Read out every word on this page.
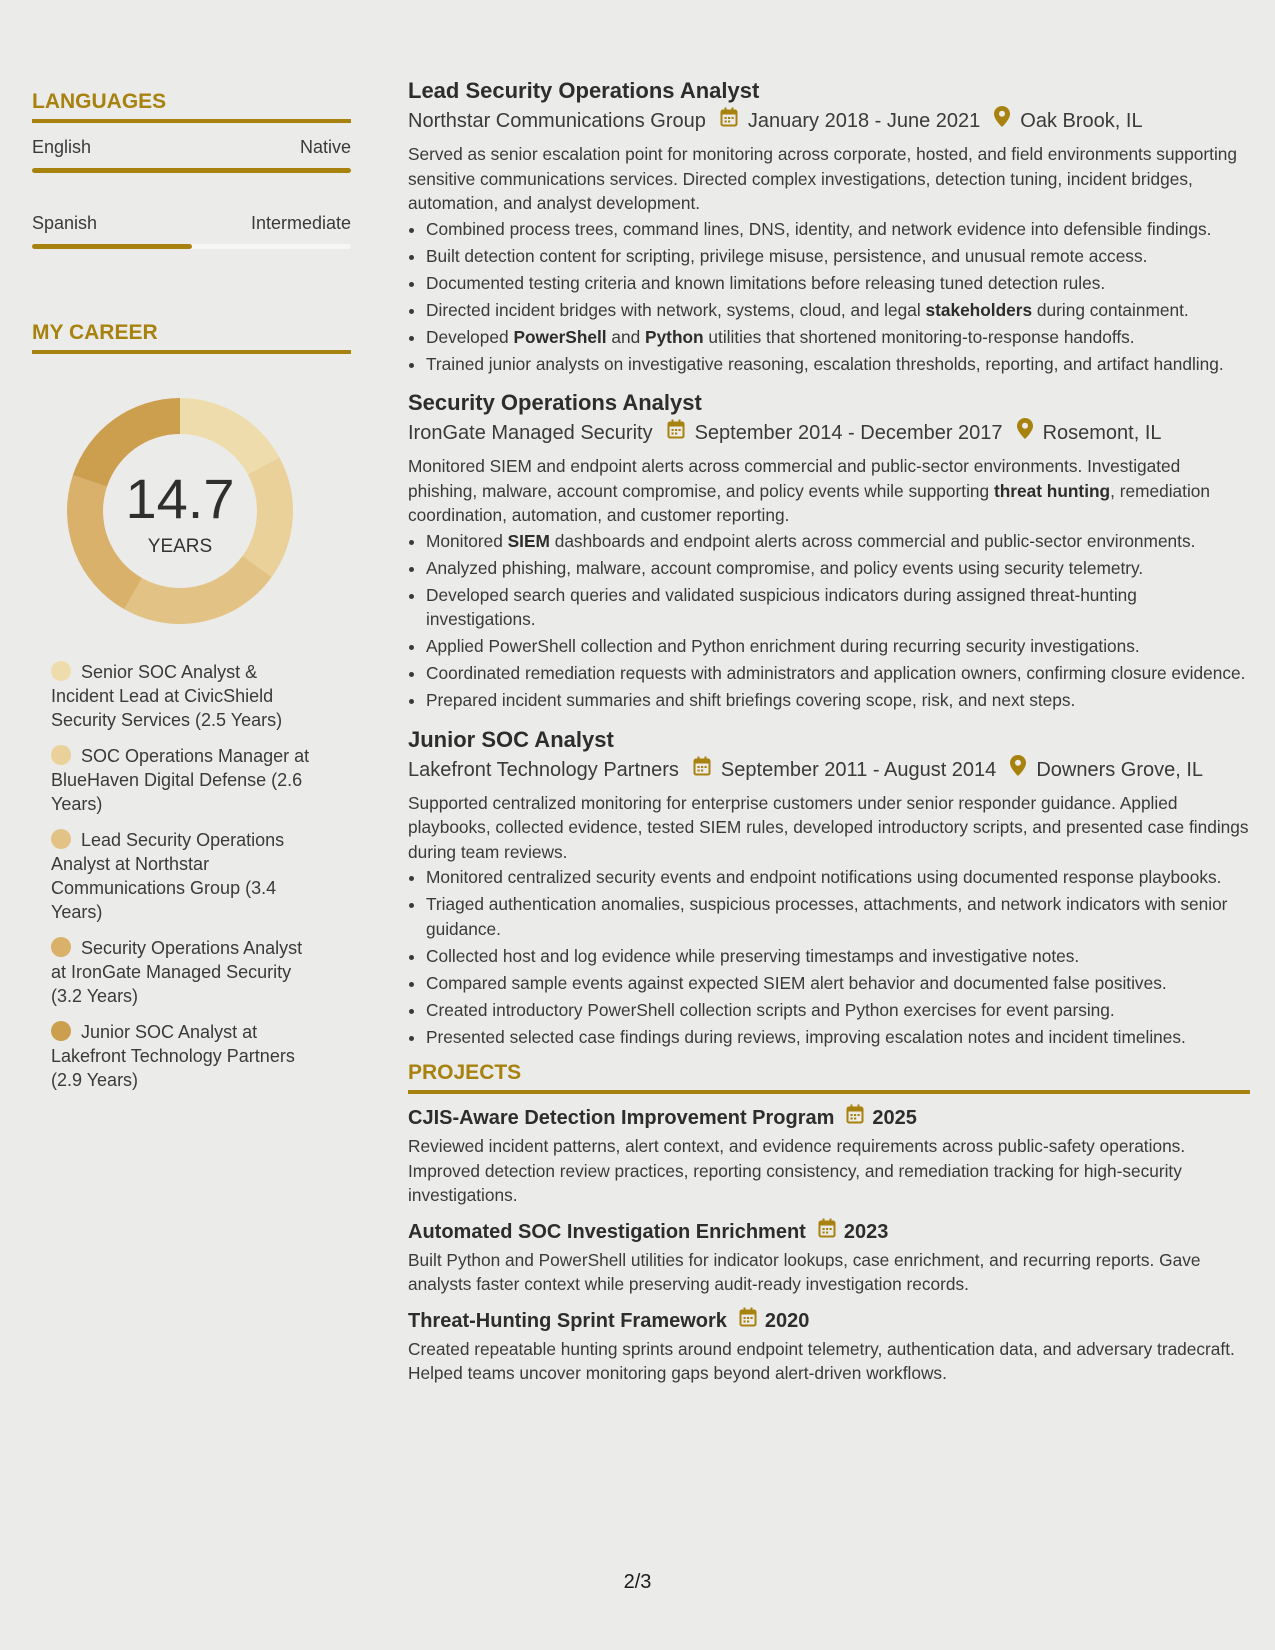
LANGUAGES
English	Native
Spanish	Intermediate
MY CAREER
14.7
YEARS
Senior SOC Analyst & Incident Lead at CivicShield Security Services (2.5 Years)
SOC Operations Manager at BlueHaven Digital Defense (2.6 Years)
Lead Security Operations Analyst at Northstar Communications Group (3.4 Years)
Security Operations Analyst at IronGate Managed Security (3.2 Years)
Junior SOC Analyst at Lakefront Technology Partners (2.9 Years)
Lead Security Operations Analyst
Northstar Communications Group January 2018 - June 2021 Oak Brook, IL
Served as senior escalation point for monitoring across corporate, hosted, and field environments supporting sensitive communications services. Directed complex investigations, detection tuning, incident bridges, automation, and analyst development.
• Combined process trees, command lines, DNS, identity, and network evidence into defensible findings.
• Built detection content for scripting, privilege misuse, persistence, and unusual remote access.
• Documented testing criteria and known limitations before releasing tuned detection rules.
• Directed incident bridges with network, systems, cloud, and legal stakeholders during containment.
• Developed PowerShell and Python utilities that shortened monitoring-to-response handoffs.
• Trained junior analysts on investigative reasoning, escalation thresholds, reporting, and artifact handling.
Security Operations Analyst
IronGate Managed Security September 2014 - December 2017 Rosemont, IL
Monitored SIEM and endpoint alerts across commercial and public-sector environments. Investigated phishing, malware, account compromise, and policy events while supporting threat hunting, remediation coordination, automation, and customer reporting.
• Monitored SIEM dashboards and endpoint alerts across commercial and public-sector environments.
• Analyzed phishing, malware, account compromise, and policy events using security telemetry.
• Developed search queries and validated suspicious indicators during assigned threat-hunting investigations.
• Applied PowerShell collection and Python enrichment during recurring security investigations.
• Coordinated remediation requests with administrators and application owners, confirming closure evidence.
• Prepared incident summaries and shift briefings covering scope, risk, and next steps.
Junior SOC Analyst
Lakefront Technology Partners September 2011 - August 2014 Downers Grove, IL
Supported centralized monitoring for enterprise customers under senior responder guidance. Applied playbooks, collected evidence, tested SIEM rules, developed introductory scripts, and presented case findings during team reviews.
• Monitored centralized security events and endpoint notifications using documented response playbooks.
• Triaged authentication anomalies, suspicious processes, attachments, and network indicators with senior guidance.
• Collected host and log evidence while preserving timestamps and investigative notes.
• Compared sample events against expected SIEM alert behavior and documented false positives.
• Created introductory PowerShell collection scripts and Python exercises for event parsing.
• Presented selected case findings during reviews, improving escalation notes and incident timelines.
PROJECTS
CJIS-Aware Detection Improvement Program 2025
Reviewed incident patterns, alert context, and evidence requirements across public-safety operations. Improved detection review practices, reporting consistency, and remediation tracking for high-security investigations.
Automated SOC Investigation Enrichment 2023
Built Python and PowerShell utilities for indicator lookups, case enrichment, and recurring reports. Gave analysts faster context while preserving audit-ready investigation records.
Threat-Hunting Sprint Framework 2020
Created repeatable hunting sprints around endpoint telemetry, authentication data, and adversary tradecraft. Helped teams uncover monitoring gaps beyond alert-driven workflows.
2/3
